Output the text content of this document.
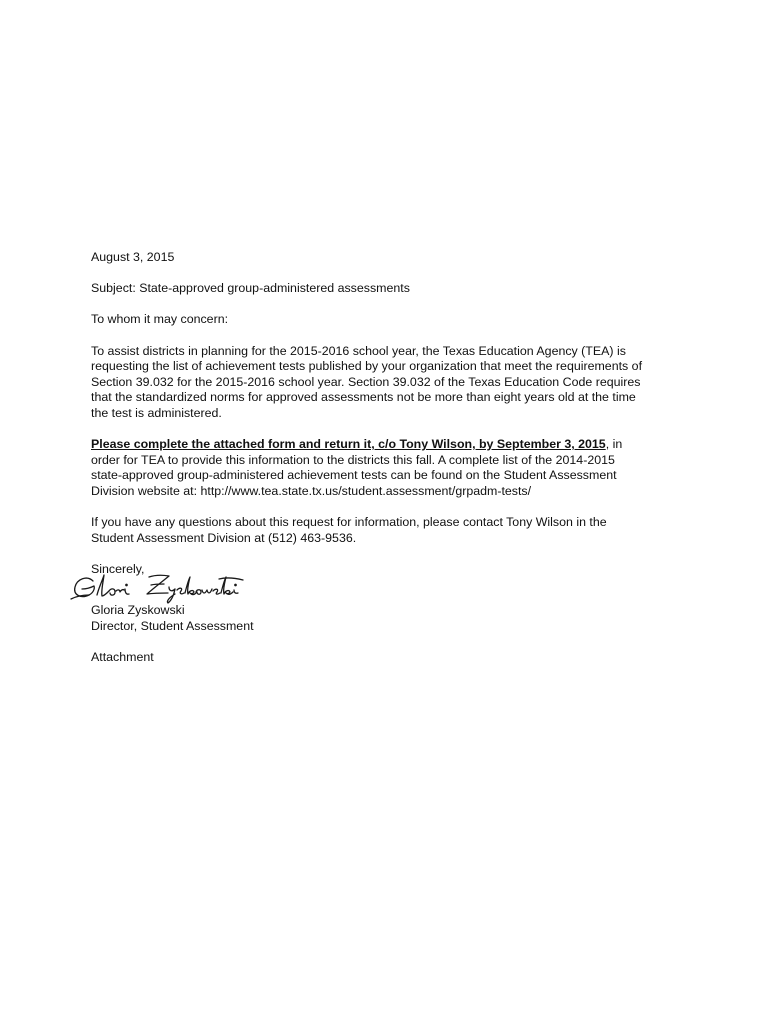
August 3, 2015
Subject: State-approved group-administered assessments
To whom it may concern:
To assist districts in planning for the 2015-2016 school year, the Texas Education Agency (TEA) is
requesting the list of achievement tests published by your organization that meet the requirements of
Section 39.032 for the 2015-2016 school year. Section 39.032 of the Texas Education Code requires
that the standardized norms for approved assessments not be more than eight years old at the time
the test is administered.
Please complete the attached form and return it, c/o Tony Wilson, by September 3, 2015, in
order for TEA to provide this information to the districts this fall. A complete list of the 2014-2015
state-approved group-administered achievement tests can be found on the Student Assessment
Division website at: http://www.tea.state.tx.us/student.assessment/grpadm-tests/
If you have any questions about this request for information, please contact Tony Wilson in the
Student Assessment Division at (512) 463-9536.
Sincerely,
Gloria Zyskowski
Director, Student Assessment
Attachment
